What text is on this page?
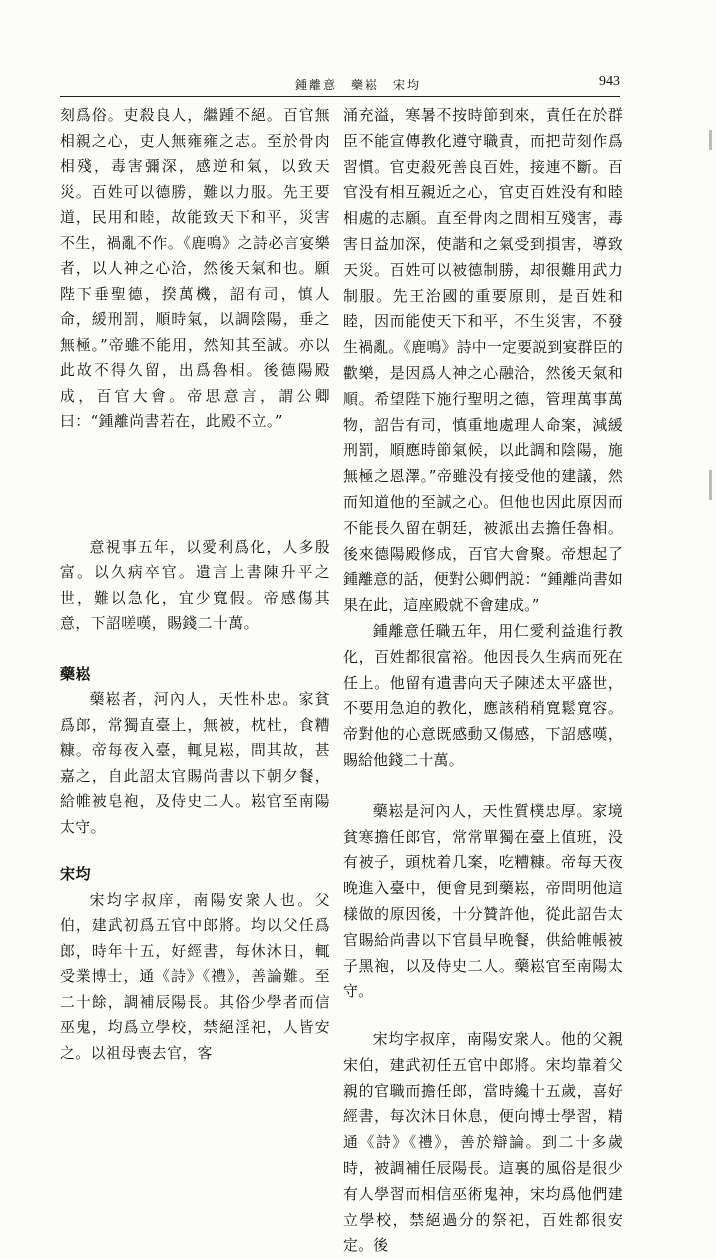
鍾離意　藥崧　宋均	943

刻爲俗。吏殺良人，繼踵不絕。百官無相親之心，吏人無雍雍之志。至於骨肉相殘，毒害彌深，感逆和氣，以致天災。百姓可以德勝，難以力服。先王要道，民用和睦，故能致天下和平，災害不生，禍亂不作。《鹿鳴》之詩必言宴樂者，以人神之心洽，然後天氣和也。願陛下垂聖德，揆萬機，詔有司，慎人命，緩刑罰，順時氣，以調陰陽，垂之無極。”帝雖不能用，然知其至誠。亦以此故不得久留，出爲魯相。後德陽殿成，百官大會。帝思意言，謂公卿曰：“鍾離尚書若在，此殿不立。”

意視事五年，以愛利爲化，人多殷富。以久病卒官。遺言上書陳升平之世，難以急化，宜少寬假。帝感傷其意，下詔嗟嘆，賜錢二十萬。

藥崧

藥崧者，河內人，天性朴忠。家貧爲郎，常獨直臺上，無被，枕杜，食糟糠。帝每夜入臺，輒見崧，問其故，甚嘉之，自此詔太官賜尚書以下朝夕餐，給帷被皂袍，及侍史二人。崧官至南陽太守。

宋均

宋均字叔庠，南陽安衆人也。父伯，建武初爲五官中郎將。均以父任爲郎，時年十五，好經書，每休沐日，輒受業博士，通《詩》《禮》，善論難。至二十餘，調補辰陽長。其俗少學者而信巫鬼，均爲立學校，禁絕淫祀，人皆安之。以祖母喪去官，客

涌充溢，寒暑不按時節到來，責任在於群臣不能宣傳教化遵守職責，而把苛刻作爲習慣。官吏殺死善良百姓，接連不斷。百官没有相互親近之心，官吏百姓没有和睦相處的志願。直至骨肉之間相互殘害，毒害日益加深，使諧和之氣受到損害，導致天災。百姓可以被德制勝，却很難用武力制服。先王治國的重要原則，是百姓和睦，因而能使天下和平，不生災害，不發生禍亂。《鹿鳴》詩中一定要説到宴群臣的歡樂，是因爲人神之心融洽，然後天氣和順。希望陛下施行聖明之德，管理萬事萬物，詔告有司，慎重地處理人命案，減緩刑罰，順應時節氣候，以此調和陰陽，施無極之恩澤。”帝雖没有接受他的建議，然而知道他的至誠之心。但他也因此原因而不能長久留在朝廷，被派出去擔任魯相。後來德陽殿修成，百官大會聚。帝想起了鍾離意的話，便對公卿們説：“鍾離尚書如果在此，這座殿就不會建成。”

鍾離意任職五年，用仁愛利益進行教化，百姓都很富裕。他因長久生病而死在任上。他留有遺書向天子陳述太平盛世，不要用急迫的教化，應該稍稍寬鬆寬容。帝對他的心意既感動又傷感，下詔感嘆，賜給他錢二十萬。

藥崧是河內人，天性質樸忠厚。家境貧寒擔任郎官，常常單獨在臺上值班，没有被子，頭枕着几案，吃糟糠。帝每天夜晚進入臺中，便會見到藥崧，帝問明他這樣做的原因後，十分贊許他，從此詔告太官賜給尚書以下官員早晚餐，供給帷帳被子黑袍，以及侍史二人。藥崧官至南陽太守。

宋均字叔庠，南陽安衆人。他的父親宋伯，建武初任五官中郎將。宋均靠着父親的官職而擔任郎，當時纔十五歲，喜好經書，每次沐日休息，便向博士學習，精通《詩》《禮》，善於辯論。到二十多歲時，被調補任辰陽長。這裏的風俗是很少有人學習而相信巫術鬼神，宋均爲他們建立學校，禁絕過分的祭祀，百姓都很安定。後
